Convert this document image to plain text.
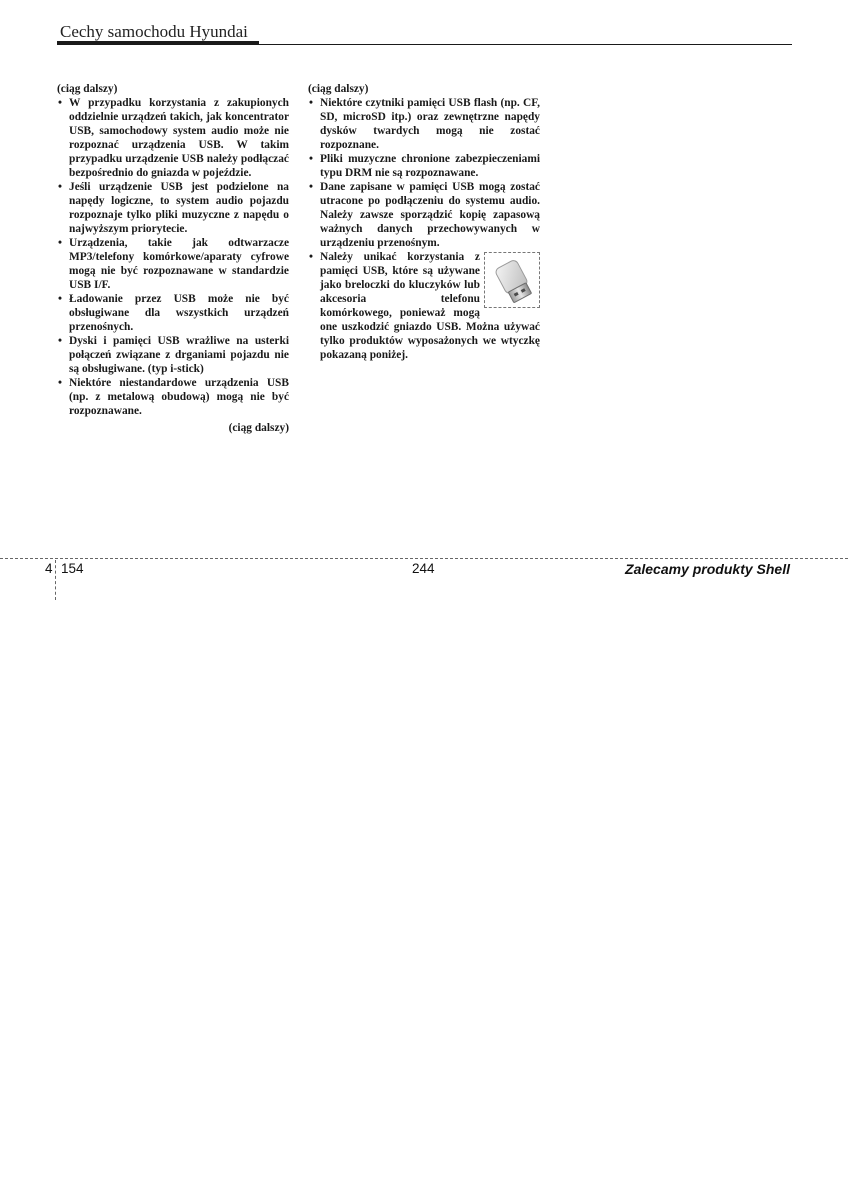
Cechy samochodu Hyundai

(ciąg dalszy)

• W przypadku korzystania z zakupionych oddzielnie urządzeń takich, jak koncentrator USB, samochodowy system audio może nie rozpoznać urządzenia USB. W takim przypadku urządzenie USB należy podłączać bezpośrednio do gniazda w pojeździe.
• Jeśli urządzenie USB jest podzielone na napędy logiczne, to system audio pojazdu rozpoznaje tylko pliki muzyczne z napędu o najwyższym priorytecie.
• Urządzenia, takie jak odtwarzacze MP3/telefony komórkowe/aparaty cyfrowe mogą nie być rozpoznawane w standardzie USB I/F.
• Ładowanie przez USB może nie być obsługiwane dla wszystkich urządzeń przenośnych.
• Dyski i pamięci USB wrażliwe na usterki połączeń związane z drganiami pojazdu nie są obsługiwane. (typ i-stick)
• Niektóre niestandardowe urządzenia USB (np. z metalową obudową) mogą nie być rozpoznawane.

(ciąg dalszy)

(ciąg dalszy)

• Niektóre czytniki pamięci USB flash (np. CF, SD, microSD itp.) oraz zewnętrzne napędy dysków twardych mogą nie zostać rozpoznane.
• Pliki muzyczne chronione zabezpieczeniami typu DRM nie są rozpoznawane.
• Dane zapisane w pamięci USB mogą zostać utracone po podłączeniu do systemu audio. Należy zawsze sporządzić kopię zapasową ważnych danych przechowywanych w urządzeniu przenośnym.
• Należy unikać korzystania z pamięci USB, które są używane jako breloczki do kluczyków lub akcesoria telefonu komórkowego, ponieważ mogą one uszkodzić gniazdo USB. Można używać tylko produktów wyposażonych we wtyczkę pokazaną poniżej.
4 154	244	Zalecamy produkty Shell
